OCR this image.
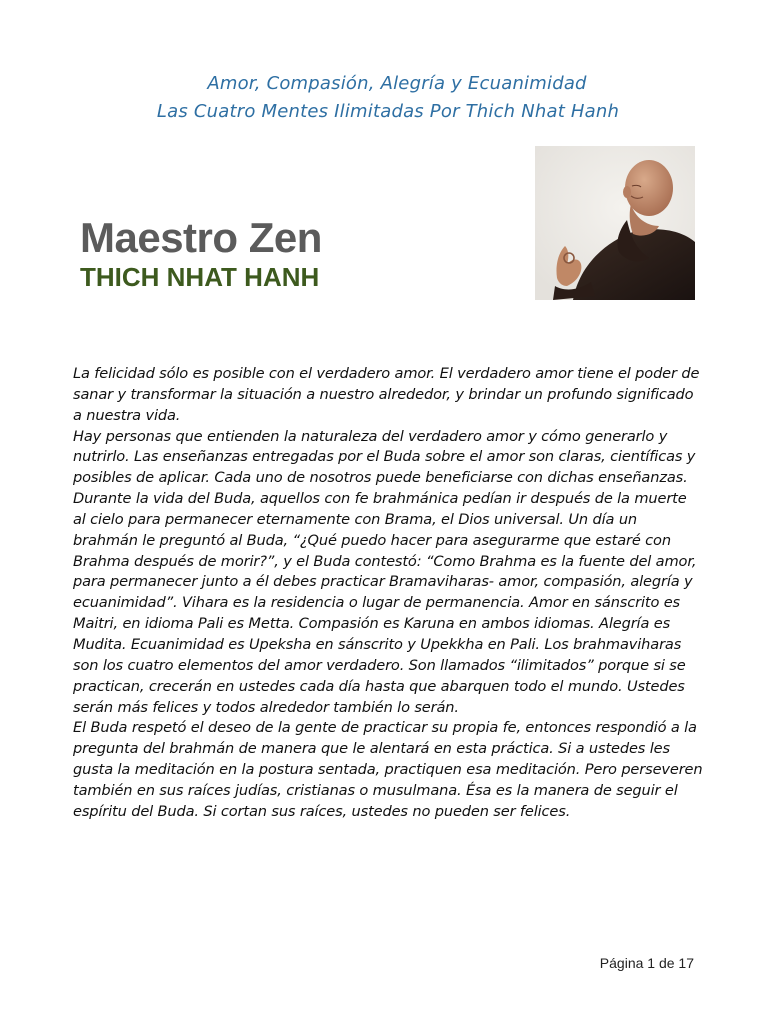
Amor, Compasión, Alegría y Ecuanimidad
Las Cuatro Mentes Ilimitadas Por Thich Nhat Hanh
Maestro Zen
THICH NHAT HANH
La felicidad sólo es posible con el verdadero amor. El verdadero amor tiene el poder de sanar y transformar la situación a nuestro alrededor, y brindar un profundo significado a nuestra vida.
Hay personas que entienden la naturaleza del verdadero amor y cómo generarlo y nutrirlo. Las enseñanzas entregadas por el Buda sobre el amor son claras, científicas y posibles de aplicar. Cada uno de nosotros puede beneficiarse con dichas enseñanzas.
Durante la vida del Buda, aquellos con fe brahmánica pedían ir después de la muerte al cielo para permanecer eternamente con Brama, el Dios universal. Un día un brahmán le preguntó al Buda, “¿Qué puedo hacer para asegurarme que estaré con Brahma después de morir?”, y el Buda contestó: “Como Brahma es la fuente del amor, para permanecer junto a él debes practicar Bramaviharas- amor, compasión, alegría y ecuanimidad”. Vihara es la residencia o lugar de permanencia. Amor en sánscrito es Maitri, en idioma Pali es Metta. Compasión es Karuna en ambos idiomas. Alegría es Mudita. Ecuanimidad es Upeksha en sánscrito y Upekkha en Pali. Los brahmaviharas son los cuatro elementos del amor verdadero. Son llamados “ilimitados” porque si se practican, crecerán en ustedes cada día hasta que abarquen todo el mundo. Ustedes serán más felices y todos alrededor también lo serán.
El Buda respetó el deseo de la gente de practicar su propia fe, entonces respondió a la pregunta del brahmán de manera que le alentará en esta práctica. Si a ustedes les gusta la meditación en la postura sentada, practiquen esa meditación. Pero perseveren también en sus raíces judías, cristianas o musulmana. Ésa es la manera de seguir el espíritu del Buda. Si cortan sus raíces, ustedes no pueden ser felices.
Página 1 de 17
